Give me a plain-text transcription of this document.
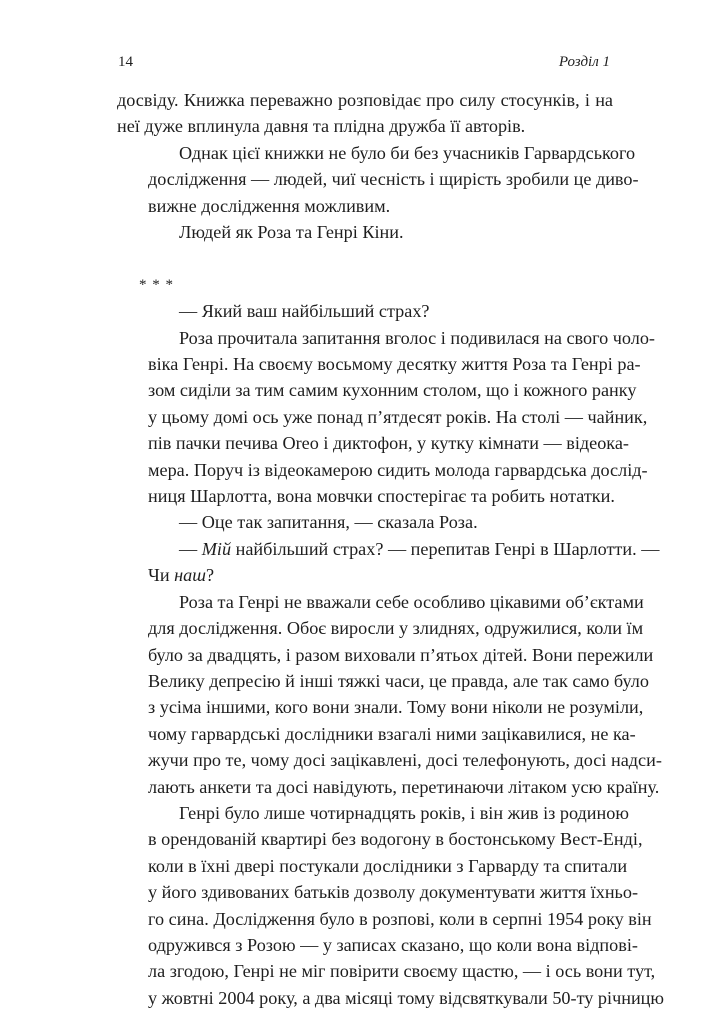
14	Розділ 1

досвіду. Книжка переважно розповідає про силу стосунків, і на
неї дуже вплинула давня та плідна дружба її авторів.

Однак цієї книжки не було би без учасників Гарвардського
дослідження — людей, чиї чесність і щирість зробили це диво-
вижне дослідження можливим.

Людей як Роза та Генрі Кіни.

* * *

— Який ваш найбільший страх?

Роза прочитала запитання вголос і подивилася на свого чоло-
віка Генрі. На своєму восьмому десятку життя Роза та Генрі ра-
зом сиділи за тим самим кухонним столом, що і кожного ранку
у цьому домі ось уже понад п’ятдесят років. На столі — чайник,
пів пачки печива Oreo і диктофон, у кутку кімнати — відеока-
мера. Поруч із відеокамерою сидить молода гарвардська дослід-
ниця Шарлотта, вона мовчки спостерігає та робить нотатки.

— Оце так запитання, — сказала Роза.

— Мій найбільший страх? — перепитав Генрі в Шарлотти. —
Чи наш?

Роза та Генрі не вважали себе особливо цікавими об’єктами
для дослідження. Обоє виросли у злиднях, одружилися, коли їм
було за двадцять, і разом виховали п’ятьох дітей. Вони пережили
Велику депресію й інші тяжкі часи, це правда, але так само було
з усіма іншими, кого вони знали. Тому вони ніколи не розуміли,
чому гарвардські дослідники взагалі ними зацікавилися, не ка-
жучи про те, чому досі зацікавлені, досі телефонують, досі надси-
лають анкети та досі навідують, перетинаючи літаком усю країну.

Генрі було лише чотирнадцять років, і він жив із родиною
в орендованій квартирі без водогону в бостонському Вест-Енді,
коли в їхні двері постукали дослідники з Гарварду та спитали
у його здивованих батьків дозволу документувати життя їхньо-
го сина. Дослідження було в розпові, коли в серпні 1954 року він
одружився з Розою — у записах сказано, що коли вона відпові-
ла згодою, Генрі не міг повірити своєму щастю, — і ось вони тут,
у жовтні 2004 року, а два місяці тому відсвяткували 50-ту річницю
